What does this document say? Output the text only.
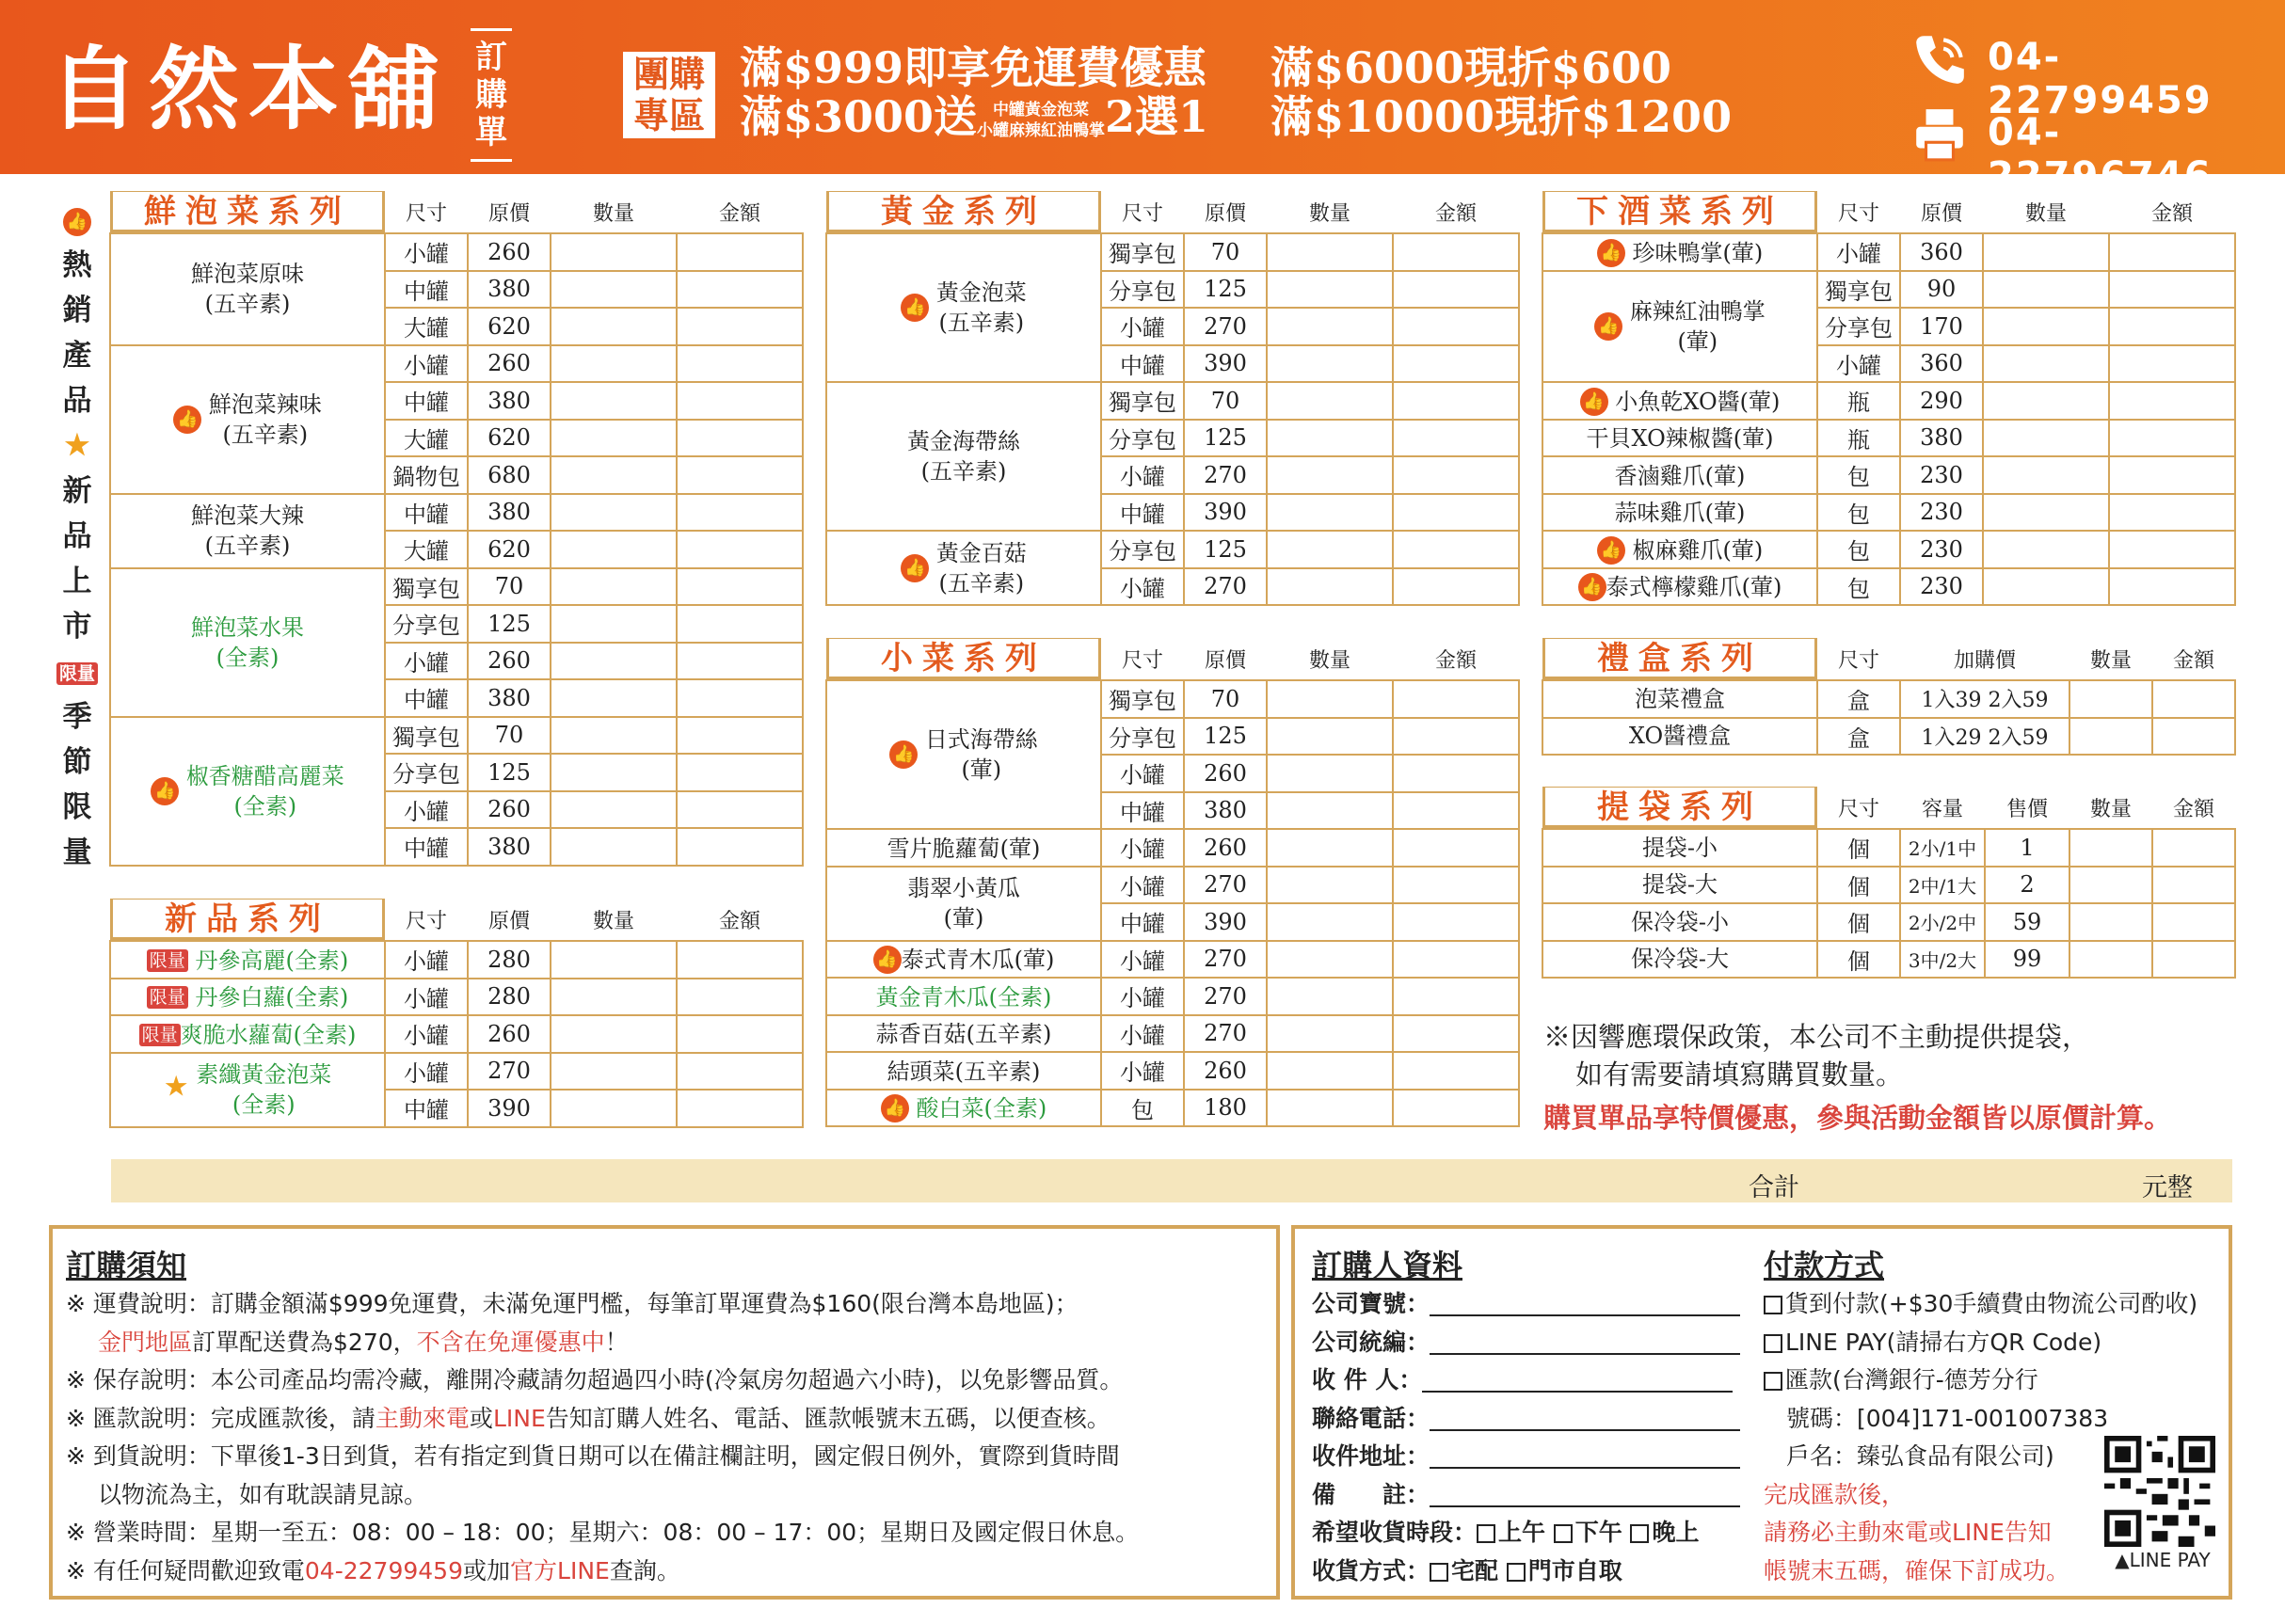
自然本舖 訂購單
團購
專區
滿$999即享免運費優惠
滿$3000送 中罐黃金泡菜
小罐麻辣紅油鴨掌2選1
滿$6000現折$600
滿$10000現折$1200
04-22799459
04-22796746
👍
熱銷產品
★
新品上市
限量
季節限量
鮮泡菜系列	尺寸	原價	數量	金額
鮮泡菜原味
(五辛素)	小罐	260		
	中罐	380		
	大罐	620		
👍 鮮泡菜辣味
(五辛素)	小罐	260		
	中罐	380		
	大罐	620		
	鍋物包	680		
鮮泡菜大辣
(五辛素)	中罐	380		
	大罐	620		
鮮泡菜水果
(全素)	獨享包	70		
	分享包	125		
	小罐	260		
	中罐	380		
👍 椒香糖醋高麗菜
(全素)	獨享包	70		
	分享包	125		
	小罐	260		
	中罐	380		
新品系列	尺寸	原價	數量	金額
限量 丹參高麗(全素)	小罐	280		
限量 丹參白蘿(全素)	小罐	280		
限量 爽脆水蘿蔔(全素)	小罐	260		
★ 素纖黃金泡菜
(全素)	小罐	270		
	中罐	390		
黃金系列	尺寸	原價	數量	金額
👍 黃金泡菜
(五辛素)	獨享包	70		
	分享包	125		
	小罐	270		
	中罐	390		
黃金海帶絲
(五辛素)	獨享包	70		
	分享包	125		
	小罐	270		
	中罐	390		
👍 黃金百菇
(五辛素)	分享包	125		
	小罐	270		
小菜系列	尺寸	原價	數量	金額
👍 日式海帶絲
(葷)	獨享包	70		
	分享包	125		
	小罐	260		
	中罐	380		
雪片脆蘿蔔(葷)	小罐	260		
翡翠小黃瓜
(葷)	小罐	270		
	中罐	390		
👍 泰式青木瓜(葷)	小罐	270		
黃金青木瓜(全素)	小罐	270		
蒜香百菇(五辛素)	小罐	270		
結頭菜(五辛素)	小罐	260		
👍 酸白菜(全素)	包	180		
下酒菜系列	尺寸	原價	數量	金額
👍 珍味鴨掌(葷)	小罐	360		
👍 麻辣紅油鴨掌
(葷)	獨享包	90		
	分享包	170		
	小罐	360		
👍 小魚乾XO醬(葷)	瓶	290		
干貝XO辣椒醬(葷)	瓶	380		
香滷雞爪(葷)	包	230		
蒜味雞爪(葷)	包	230		
👍 椒麻雞爪(葷)	包	230		
👍 泰式檸檬雞爪(葷)	包	230		
禮盒系列	尺寸	加購價	數量	金額
泡菜禮盒	盒	1入39 2入59		
XO醬禮盒	盒	1入29 2入59		
提袋系列	尺寸	容量	售價	數量	金額
提袋-小	個	2小/1中	1		
提袋-大	個	2中/1大	2		
保冷袋-小	個	2小/2中	59		
保冷袋-大	個	3中/2大	99		
※因響應環保政策，本公司不主動提供提袋，
如有需要請填寫購買數量。
購買單品享特價優惠，參與活動金額皆以原價計算。
合計	元整
訂購須知
※ 運費說明：訂購金額滿$999免運費，未滿免運門檻，每筆訂單運費為$160(限台灣本島地區)；
金門地區訂單配送費為$270，不含在免運優惠中！
※ 保存說明：本公司產品均需冷藏，離開冷藏請勿超過四小時(冷氣房勿超過六小時)，以免影響品質。
※ 匯款說明：完成匯款後，請主動來電或LINE告知訂購人姓名、電話、匯款帳號末五碼，以便查核。
※ 到貨說明：下單後1-3日到貨，若有指定到貨日期可以在備註欄註明，國定假日例外，實際到貨時間
以物流為主，如有耽誤請見諒。
※ 營業時間：星期一至五：08：00 – 18：00；星期六：08：00 – 17：00；星期日及國定假日休息。
※ 有任何疑問歡迎致電04-22799459或加官方LINE查詢。
訂購人資料
公司寶號：
公司統編：
收 件 人：
聯絡電話：
收件地址：
備　　註：
希望收貨時段： 上午 下午 晚上
收貨方式： 宅配 門市自取
付款方式
貨到付款(+$30手續費由物流公司酌收)
LINE PAY(請掃右方QR Code)
匯款(台灣銀行-德芳分行
號碼：[004]171-001007383
戶名：臻弘食品有限公司)
完成匯款後，
請務必主動來電或LINE告知
帳號末五碼，確保下訂成功。	▲LINE PAY
